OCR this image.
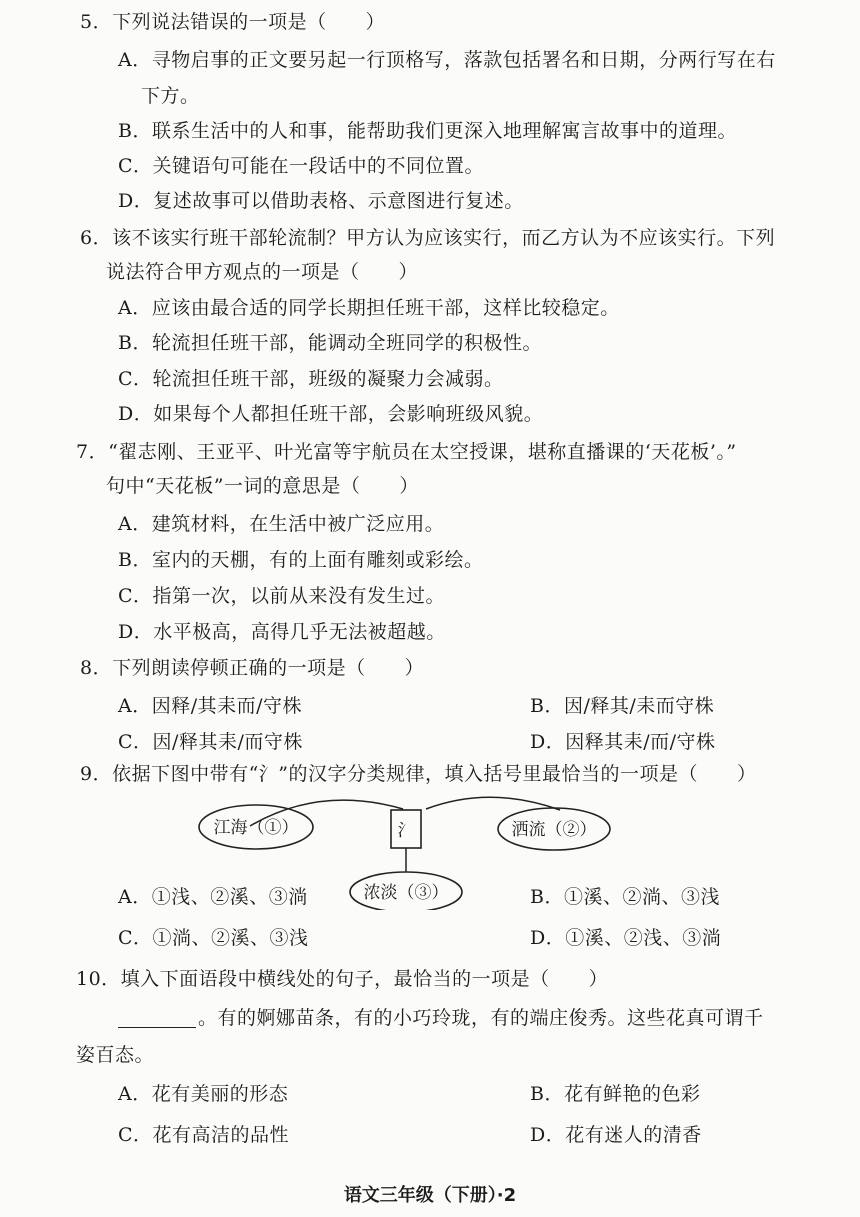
5．下列说法错误的一项是（　　）
A．寻物启事的正文要另起一行顶格写，落款包括署名和日期，分两行写在右
下方。
B．联系生活中的人和事，能帮助我们更深入地理解寓言故事中的道理。
C．关键语句可能在一段话中的不同位置。
D．复述故事可以借助表格、示意图进行复述。
6．该不该实行班干部轮流制？甲方认为应该实行，而乙方认为不应该实行。下列
说法符合甲方观点的一项是（　　）
A．应该由最合适的同学长期担任班干部，这样比较稳定。
B．轮流担任班干部，能调动全班同学的积极性。
C．轮流担任班干部，班级的凝聚力会减弱。
D．如果每个人都担任班干部，会影响班级风貌。
7．“翟志刚、王亚平、叶光富等宇航员在太空授课，堪称直播课的‘天花板’。”
句中“天花板”一词的意思是（　　）
A．建筑材料，在生活中被广泛应用。
B．室内的天棚，有的上面有雕刻或彩绘。
C．指第一次，以前从来没有发生过。
D．水平极高，高得几乎无法被超越。
8．下列朗读停顿正确的一项是（　　）
A．因释/其耒而/守株	B．因/释其/耒而守株
C．因/释其耒/而守株	D．因释其耒/而/守株
9．依据下图中带有“氵”的汉字分类规律，填入括号里最恰当的一项是（　　）
氵
江海（①）	洒流（②）
浓淡（③）
A．①浅、②溪、③淌	B．①溪、②淌、③浅
C．①淌、②溪、③浅	D．①溪、②浅、③淌
10．填入下面语段中横线处的句子，最恰当的一项是（　　）
。有的婀娜苗条，有的小巧玲珑，有的端庄俊秀。这些花真可谓千
姿百态。
A．花有美丽的形态	B．花有鲜艳的色彩
C．花有高洁的品性	D．花有迷人的清香
语文三年级（下册）·2
